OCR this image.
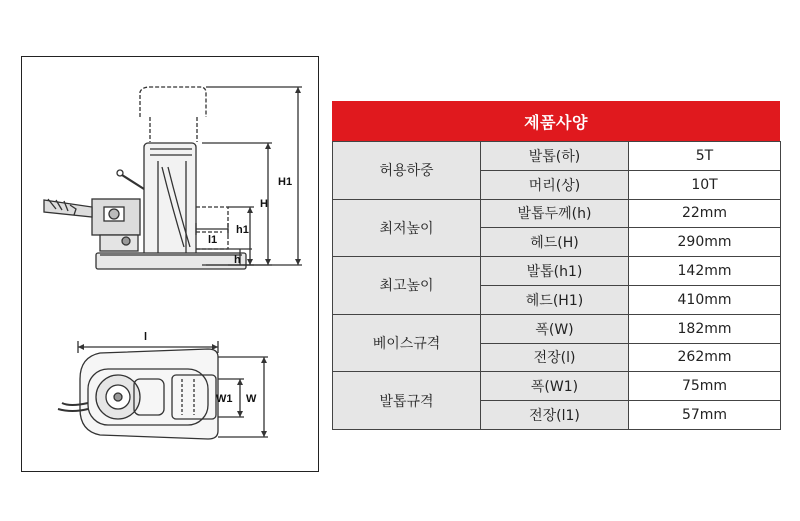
H1
H
l1
h1
h
l
W1 W
제품사양
허용하중	발톱(하)	5T
	머리(상)	10T
최저높이	발톱두께(h)	22mm
	헤드(H)	290mm
최고높이	발톱(h1)	142mm
	헤드(H1)	410mm
베이스규격	폭(W)	182mm
	전장(l)	262mm
발톱규격	폭(W1)	75mm
	전장(l1)	57mm
